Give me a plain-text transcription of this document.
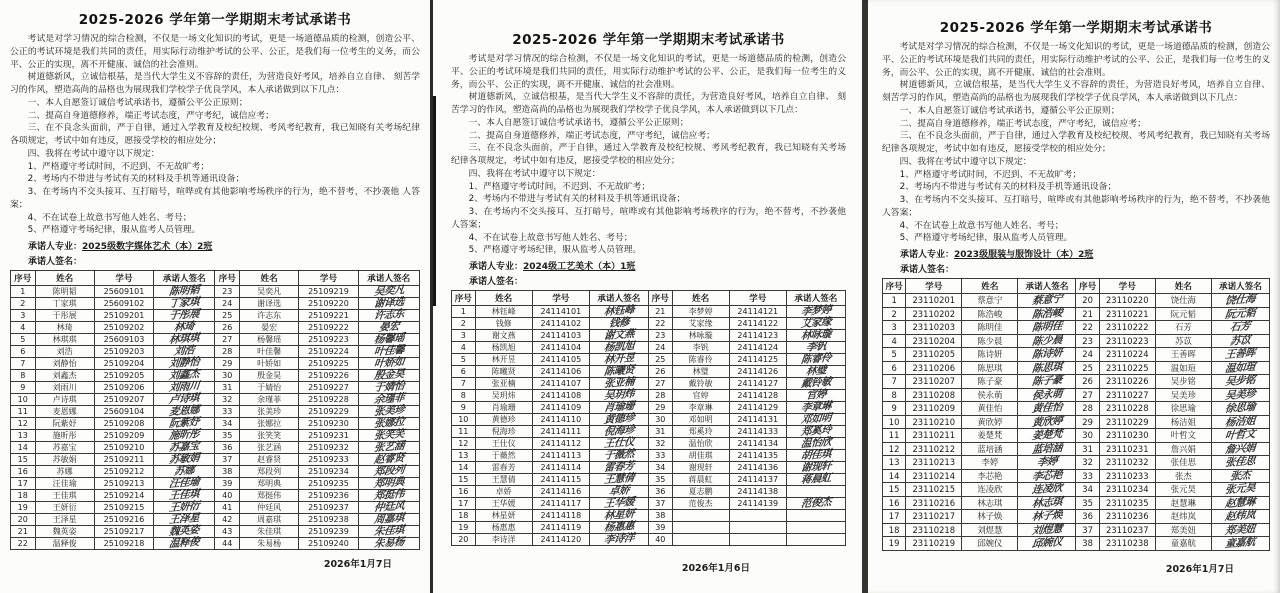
2025-2026 学年第一学期期末考试承诺书

考试是对学习情况的综合检测，不仅是一场文化知识的考试，更是一场道德品质的检测，创造公平、公正的考试环境是我们共同的责任，用实际行动维护考试的公平、公正，是我们每一位考生的义务，而公平、公正的实现，离不开健康、诚信的社会准则。

树道德新风，立诚信根基，是当代大学生义不容辞的责任，为营造良好考风，培养自立自律、 刻苦学习的作风，塑造高尚的品格也为展现我们学校学子优良学风，本人承诺做到以下几点：

一、本人自愿签订诚信考试承诺书，遵循公平公正原则；

二、提高自身道德修养，端正考试态度，严守考纪，诚信应考；

三、在不良念头面前，严于自律，通过入学教育及校纪校规、考风考纪教育，我已知晓有关考场纪律各项规定，考试中如有违反，愿接受学校的相应处分；

四、我将在考试中遵守以下规定：

1、严格遵守考试时间，不迟到、不无故旷考；

2、考场内不带进与考试有关的材料及手机等通讯设备；

3、在考场内不交头接耳、互打暗号，喧哗或有其他影响考场秩序的行为，绝不替考，不抄袭他 人答案；

4、不在试卷上故意书写他人姓名、考号；

5、严格遵守考场纪律，服从监考人员管理。

承诺人专业：2025级数字媒体艺术（本）2班
承诺人签名：
序号	姓名	学号	承诺人签名	序号	姓名	学号	承诺人签名
1	陈明韬	25609101	陈明韬	23	吴奕凡	25109219	吴奕凡
2	丁家琪	25609102	丁家琪	24	谢译选	25109220	谢译选
3	于彤展	25109201	于彤展	25	许志东	25109221	许志东
4	林琦	25109202	林琦	26	晏宏	25109222	晏宏
5	林琪琪	25609103	林琪琪	27	杨馨瑶	25109223	杨馨瑶
6	刘浩	25109203	刘浩	28	叶佳馨	25109224	叶佳馨
7	刘静怡	25109204	刘静怡	29	叶娇如	25109225	叶娇如
8	刘鑫杰	25109205	刘鑫杰	30	殷金昊	25109226	殷金昊
9	刘雨川	25109206	刘雨川	31	于婧怡	25109227	于婧怡
10	卢诗琪	25109207	卢诗琪	32	余瑾菲	25109228	余瑾菲
11	麦恩娜	25609104	麦恩娜	33	张美珍	25109229	张美珍
12	阮紫妤	25109208	阮紫妤	34	张娜拉	25109230	张娜拉
13	施昕彤	25109209	施昕彤	35	张笑笑	25109231	张笑笑
14	苏嘉宝	25109210	苏嘉宝	36	张艺涵	25109232	张艺涵
15	苏敏娟	25109211	苏敏娟	37	赵睿贤	25109233	赵睿贤
16	苏娜	25109212	苏娜	38	郑段列	25109234	郑段列
17	汪佳瑜	25109213	汪佳瑜	39	郑明典	25109235	郑明典
18	王佳琪	25109214	王佳琪	40	郑挺伟	25109236	郑挺伟
19	王妍衍	25109215	王妍衍	41	仲廷风	25109237	仲廷风
20	王泽星	25109216	王泽星	42	周嘉琪	25109238	周嘉琪
21	魏英姿	25109217	魏英姿	43	朱佳琪	25109239	朱佳琪
22	温释俊	25109218	温释俊	44	朱易杨	25109240	朱易杨
2026年1月7日
2025-2026 学年第一学期期末考试承诺书

考试是对学习情况的综合检测，不仅是一场文化知识的考试，更是一场道德品质的检测，创造公平、公正的考试环境是我们共同的责任，用实际行动维护考试的公平、公正，是我们每一位考生的义务，而公平、公正的实现，离不开健康、诚信的社会准则。

树道德新风，立诚信根基，是当代大学生义不容辞的责任，为营造良好考风，培养自立自律、 刻苦学习的作风，塑造高尚的品格也为展现我们学校学子优良学风，本人承诺做到以下几点：

一、本人自愿签订诚信考试承诺书，遵循公平公正原则；

二、提高自身道德修养，端正考试态度，严守考纪，诚信应考；

三、在不良念头面前，严于自律，通过入学教育及校纪校规、考风考纪教育，我已知晓有关考场纪律各项规定，考试中如有违反，愿接受学校的相应处分；

四、我将在考试中遵守以下规定：

1、严格遵守考试时间，不迟到、不无故旷考；

2、考场内不带进与考试有关的材料及手机等通讯设备；

3、在考场内不交头接耳、互打暗号，喧哗或有其他影响考场秩序的行为，绝不替考，不抄袭他 人答案；

4、不在试卷上故意书写他人姓名、考号；

5、严格遵守考场纪律，服从监考人员管理。

承诺人专业：2024级工艺美术（本）1班
承诺人签名：
序号	姓名	学号	承诺人签名	序号	姓名	学号	承诺人签名
1	林钰峰	24114101	林钰峰	21	李梦婷	24114121	李梦婷
2	钱修	24114102	钱修	22	艾家缘	24114122	艾家缘
3	谢文燕	24114103	谢文燕	23	林咏璇	24114123	林咏璇
4	杨凯旭	24114104	杨凯旭	24	李钒	24114124	李钒
5	林开昱	24114105	林开昱	25	陈睿伶	24114125	陈睿伶
6	陈曦贤	24114106	陈曦贤	26	林璧	24114126	林璧
7	张亚楠	24114107	张亚楠	27	戴铃敏	24114127	戴铃敏
8	吴玥炜	24114108	吴玥炜	28	官婷	24114128	官婷
9	肖瑜珊	24114109	肖瑜珊	29	李章琳	24114129	李章琳
10	黄德珍	24114110	黄德珍	30	邓如明	24114131	邓如明
11	倪海珍	24114111	倪海珍	31	郑奚玲	24114133	郑奚玲
12	王仕仪	24114112	王仕仪	32	温怡欣	24114134	温怡欣
13	于薇然	24114113	于薇然	33	胡佳琪	24114135	胡佳琪
14	雷春芳	24114114	雷春芳	34	谢现轩	24114136	谢现轩
15	王慧倩	24114115	王慧倩	35	蒋晨虹	24114137	蒋晨虹
16	卓娇	24114116	卓娇	36	夏志鹏	24114138	
17	王华媛	24114117	王华媛	37	范俊杰	24114139	范俊杰
18	林星妍	24114118	林星妍	38			
19	杨惠惠	24114119	杨惠惠	39			
20	李诗洋	24114120	李诗洋	40			
2026年1月6日
2025-2026 学年第一学期期末考试承诺书

考试是对学习情况的综合检测，不仅是一场文化知识的考试，更是一场道德品质的检测，创造公平、公正的考试环境是我们共同的责任，用实际行动维护考试的公平、公正，是我们每一位考生的义务，而公平、公正的实现，离不开健康、诚信的社会准则。

树道德新风，立诚信根基，是当代大学生义不容辞的责任，为营造良好考风，培养自立自律、 刻苦学习的作风，塑造高尚的品格也为展现我们学校学子优良学风，本人承诺做到以下几点：

一、本人自愿签订诚信考试承诺书，遵循公平公正原则；

二、提高自身道德修养，端正考试态度，严守考纪，诚信应考；

三、在不良念头面前，严于自律，通过入学教育及校纪校规、考风考纪教育，我已知晓有关考场纪律各项规定，考试中如有违反，愿接受学校的相应处分；

四、我将在考试中遵守以下规定：

1、严格遵守考试时间，不迟到、不无故旷考；

2、考场内不带进与考试有关的材料及手机等通讯设备；

3、在考场内不交头接耳、互打暗号，喧哗或有其他影响考场秩序的行为，绝不替考，不抄袭他 人答案；

4、不在试卷上故意书写他人姓名、考号；

5、严格遵守考场纪律，服从监考人员管理。

承诺人专业：2023级服装与服饰设计（本）2班
承诺人签名：
序号	学号	姓名	承诺人签名	序号	学号	姓名	承诺人签名
1	23110201	蔡意宁	蔡意宁	20	23110220	饶仕海	饶仕海
2	23110202	陈浩峻	陈浩峻	21	23110221	阮元韬	阮元韬
3	23110203	陈明佳	陈明佳	22	23110222	石芳	石芳
4	23110204	陈少晨	陈少晨	23	23110223	苏苡	苏苡
5	23110205	陈诗妍	陈诗妍	24	23110224	王善晖	王善晖
6	23110206	陈思琪	陈思琪	25	23110225	温如瑄	温如瑄
7	23110207	陈子豪	陈子豪	26	23110226	吴步铭	吴步铭
8	23110208	侯永萌	侯永萌	27	23110227	吴美珍	吴美珍
9	23110209	黄佳怡	黄佳怡	28	23110228	徐思瑜	徐思瑜
10	23110210	黄欣婷	黄欣婷	29	23110229	杨洁姐	杨洁姐
11	23110211	姜楚梵	姜楚梵	30	23110230	叶哲文	叶哲文
12	23110212	蓝培涵	蓝培涵	31	23110231	詹兴娟	詹兴娟
13	23110213	李婷	李婷	32	23110232	张佳思	张佳思
14	23110214	李芯艳	李芯艳	33	23110233	张杰	张杰
15	23110215	连凌欣	连凌欣	34	23110234	张元昊	张元昊
16	23110216	林志琪	林志琪	35	23110235	赵慧琳	赵慧琳
17	23110217	林子焕	林子焕	36	23110236	赵炜岚	赵炜岚
18	23110218	刘煜慧	刘煜慧	37	23110237	郑美妞	郑美妞
19	23110219	邱婉仪	邱婉仪	38	23110238	童嘉航	童嘉航
2026年1月7日
